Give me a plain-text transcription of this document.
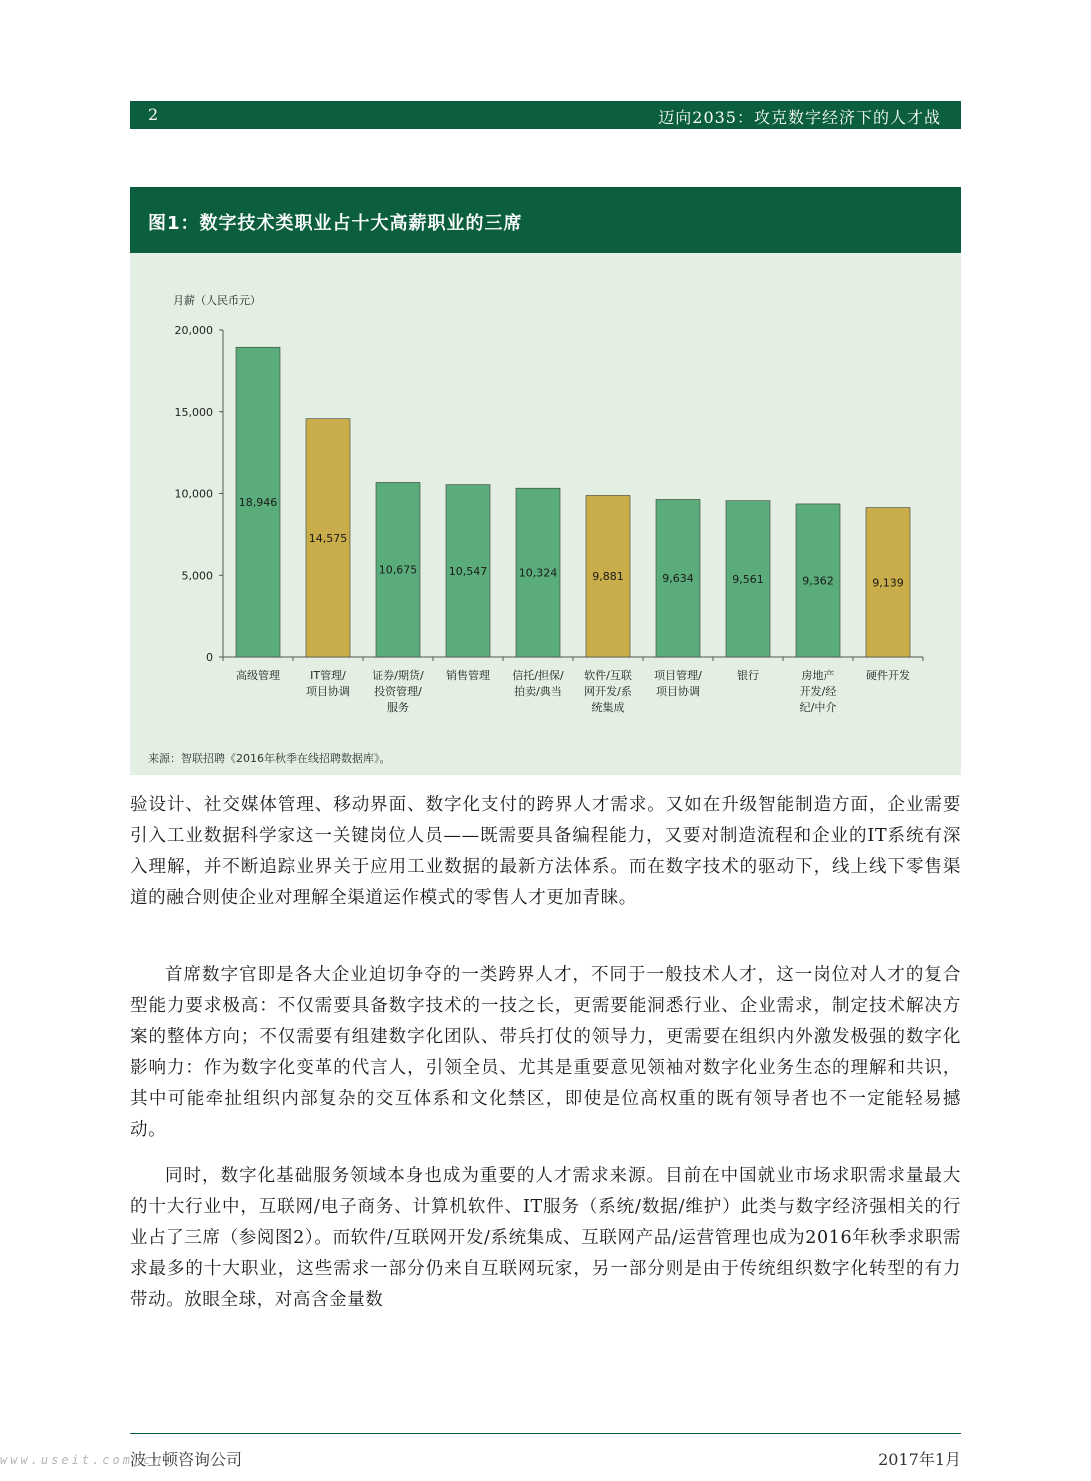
2	迈向2035：攻克数字经济下的人才战
图1：数字技术类职业占十大高薪职业的三席
月薪（人民币元）
0
5,000
10,000
15,000
20,000
18,946
高级管理
14,575
IT管理/
项目协调
10,675
证券/期货/
投资管理/
服务
10,547
销售管理
10,324
信托/担保/
拍卖/典当
9,881
软件/互联
网开发/系
统集成
9,634
项目管理/
项目协调
9,561
银行
9,362
房地产
开发/经
纪/中介
9,139
硬件开发
来源：智联招聘《2016年秋季在线招聘数据库》。

验设计、社交媒体管理、移动界面、数字化支付的跨界人才需求。又如在升级智能制造方面，企业需要引入工业数据科学家这一关键岗位人员——既需要具备编程能力，又要对制造流程和企业的IT系统有深入理解，并不断追踪业界关于应用工业数据的最新方法体系。而在数字技术的驱动下，线上线下零售渠道的融合则使企业对理解全渠道运作模式的零售人才更加青睐。

首席数字官即是各大企业迫切争夺的一类跨界人才，不同于一般技术人才，这一岗位对人才的复合型能力要求极高：不仅需要具备数字技术的一技之长，更需要能洞悉行业、企业需求，制定技术解决方案的整体方向；不仅需要有组建数字化团队、带兵打仗的领导力，更需要在组织内外激发极强的数字化影响力：作为数字化变革的代言人，引领全员、尤其是重要意见领袖对数字化业务生态的理解和共识，其中可能牵扯组织内部复杂的交互体系和文化禁区，即使是位高权重的既有领导者也不一定能轻易撼动。

同时，数字化基础服务领域本身也成为重要的人才需求来源。目前在中国就业市场求职需求量最大的十大行业中，互联网/电子商务、计算机软件、IT服务（系统/数据/维护）此类与数字经济强相关的行业占了三席（参阅图2）。而软件/互联网开发/系统集成、互联网产品/运营管理也成为2016年秋季求职需求最多的十大职业，这些需求一部分仍来自互联网玩家，另一部分则是由于传统组织数字化转型的有力带动。放眼全球，对高含金量数

波士顿咨询公司	2017年1月
www.useit.com.cn
